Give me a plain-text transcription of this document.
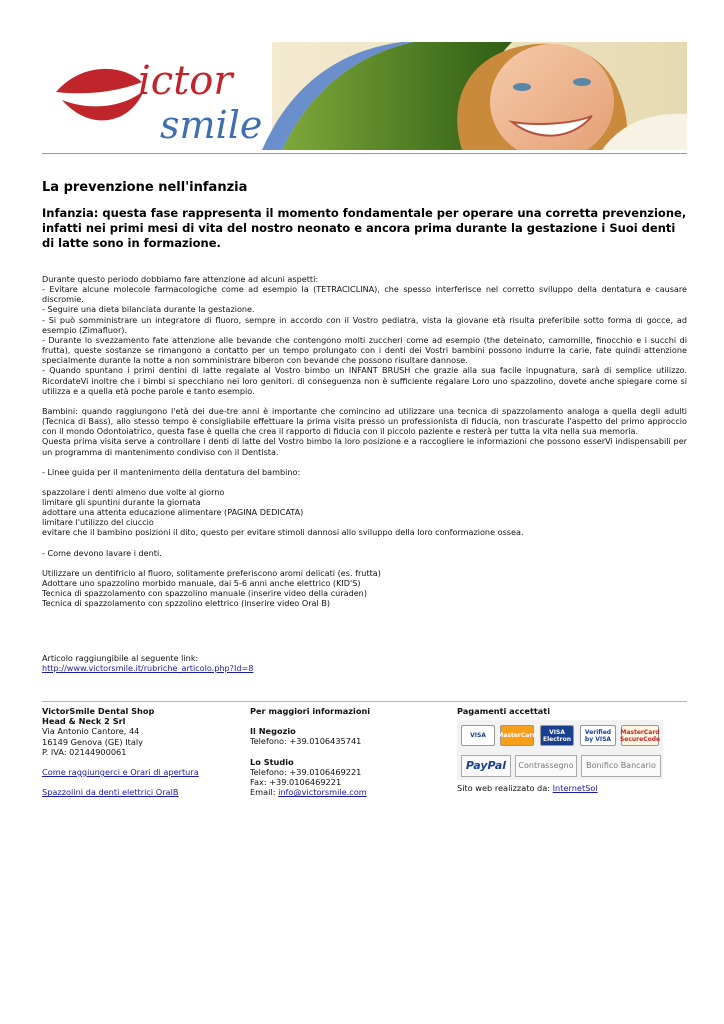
ictor
smile
La prevenzione nell'infanzia
Infanzia: questa fase rappresenta il momento fondamentale per operare una corretta prevenzione, infatti nei primi mesi di vita del nostro neonato e ancora prima durante la gestazione i Suoi denti di latte sono in formazione.

Durante questo periodo dobbiamo fare attenzione ad alcuni aspetti:

- Evitare alcune molecole farmacologiche come ad esempio la (TETRACICLINA), che spesso interferisce nel corretto sviluppo della dentatura e causare discromie.

- Seguire una dieta bilanciata durante la gestazione.

- Si può somministrare un integratore di fluoro, sempre in accordo con il Vostro pediatra, vista la giovane età risulta preferibile sotto forma di gocce, ad esempio (Zimafluor).

- Durante lo svezzamento fate attenzione alle bevande che contengono molti zuccheri come ad esempio (the deteinato, camomille, finocchio e i succhi di frutta), queste sostanze se rimangono a contatto per un tempo prolungato con i denti dei Vostri bambini possono indurre la carie, fate quindi attenzione specialmente durante la notte a non somministrare biberon con bevande che possono risultare dannose.

- Quando spuntano i primi dentini di latte regalate al Vostro bimbo un INFANT BRUSH che grazie alla sua facile inpugnatura, sarà di semplice utilizzo. RicordateVi inoltre che i bimbi si specchiano nei loro genitori. di conseguenza non è sufficiente regalare Loro uno spazzolino, dovete anche spiegare come si utilizza e a quella età poche parole e tanto esempio.

Bambini: quando raggiungono l'età dei due-tre anni è importante che comincino ad utilizzare una tecnica di spazzolamento analoga a quella degli adulti (Tecnica di Bass), allo stesso tempo è consigliabile effettuare la prima visita presso un professionista di fiducia, non trascurate l'aspetto del primo approccio con il mondo Odontoiatrico, questa fase è quella che crea il rapporto di fiducia con il piccolo paziente e resterà per tutta la vita nella sua memoria.

Questa prima visita serve a controllare i denti di latte del Vostro bimbo la loro posizione e a raccogliere le informazioni che possono esserVi indispensabili per un programma di mantenimento condiviso con il Dentista.

- Linee guida per il mantenimento della dentatura del bambino:

spazzolare i denti almeno due volte al giorno

limitare gli spuntini durante la giornata

adottare una attenta educazione alimentare (PAGINA DEDICATA)

limitare l'utilizzo del ciuccio

evitare che il bambino posizioni il dito, questo per evitare stimoli dannosi allo sviluppo della loro conformazione ossea.

- Come devono lavare i denti.

Utilizzare un dentifricio al fluoro, solitamente preferiscono aromi delicati (es. frutta)

Adottare uno spazzolino morbido manuale, dai 5-6 anni anche elettrico (KID'S)

Tecnica di spazzolamento con spazzolino manuale (inserire video della curaden)

Tecnica di spazzolamento con spzzolino elettrico (inserire video Oral B)

Articolo raggiungibile al seguente link:
http://www.victorsmile.it/rubriche_articolo.php?Id=8
VictorSmile Dental Shop
Head & Neck 2 Srl
Via Antonio Cantore, 44
16149 Genova (GE) Italy
P. IVA: 02144900061
Come raggiungerci e Orari di apertura
Spazzolini da denti elettrici OralB
Per maggiori informazioni
Il Negozio
Telefono: +39.0106435741
Lo Studio
Telefono: +39.0106469221
Fax: +39.0106469221
Email: info@victorsmile.com
Pagamenti accettati
VISA	MasterCard	VISA Electron
Verified by VISA
MasterCard SecureCode
PayPal	Contrassegno	Bonifico Bancario
Sito web realizzato da: InternetSol
